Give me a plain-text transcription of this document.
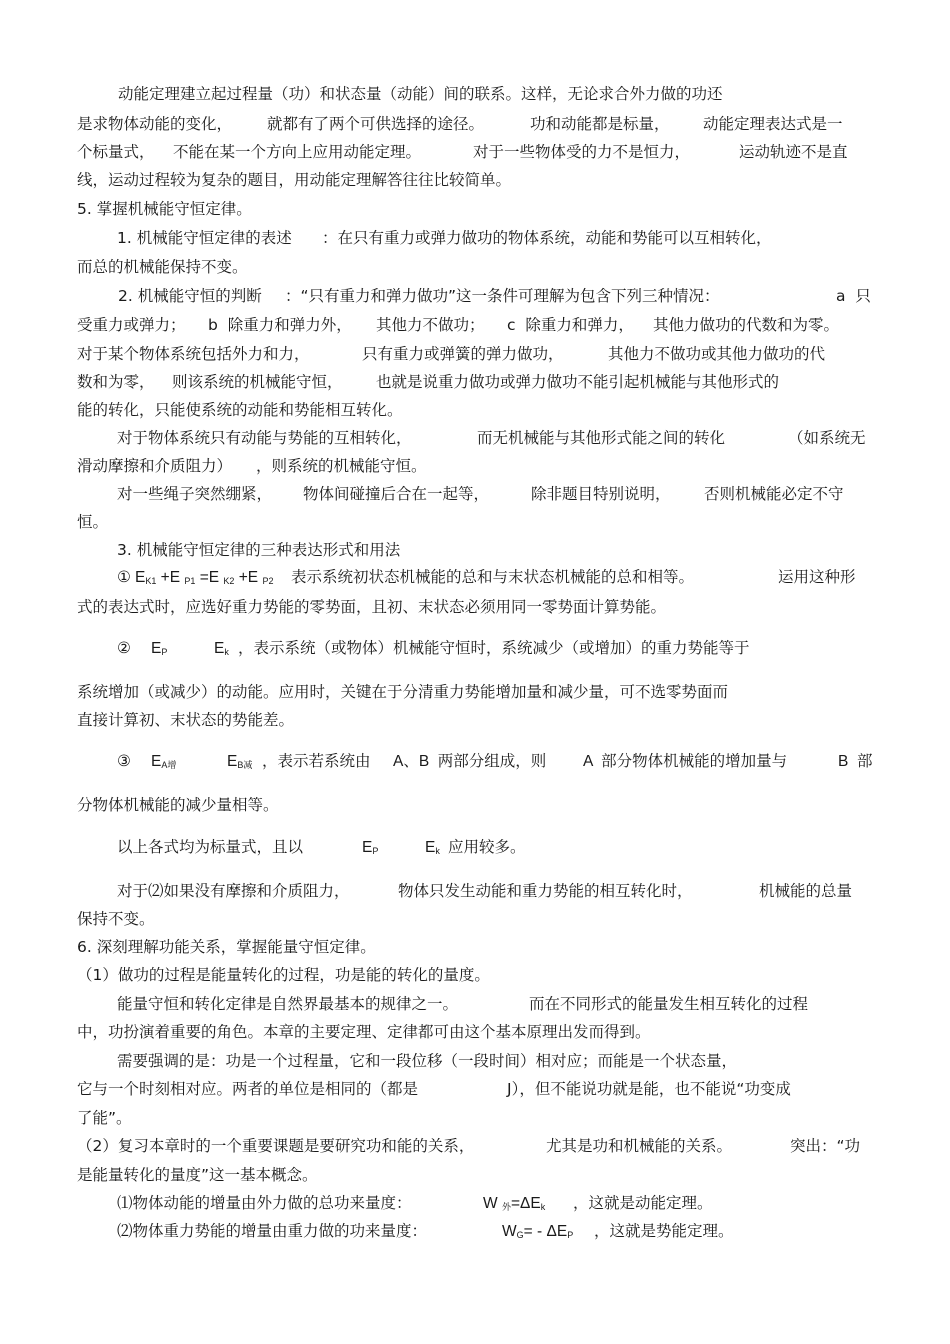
动能定理建立起过程量（功）和状态量（动能）间的联系。这样，无论求合外力做的功还

是求物体动能的变化，

就都有了两个可供选择的途径。

	功和动能都是标量，

动能定理表达式是一

个标量式，

不能在某一个方向上应用动能定理。

	对于一些物体受的力不是恒力，

	运动轨迹不是直

线，运动过程较为复杂的题目，用动能定理解答往往比较简单。

5. 掌握机械能守恒定律。

1. 机械能守恒定律的表述

：在只有重力或弹力做功的物体系统，动能和势能可以互相转化，

而总的机械能保持不变。

2. 机械能守恒的判断

：“只有重力和弹力做功”这一条件可理解为包含下列三种情况：

	a  只

受重力或弹力；

b  除重力和弹力外，

其他力不做功；

c  除重力和弹力，

其他力做功的代数和为零。

对于某个物体系统包括外力和力，

	只有重力或弹簧的弹力做功，

	其他力不做功或其他力做功的代

数和为零，

则该系统的机械能守恒，

也就是说重力做功或弹力做功不能引起机械能与其他形式的

能的转化，只能使系统的动能和势能相互转化。

对于物体系统只有动能与势能的互相转化，

	而无机械能与其他形式能之间的转化

	（如系统无

滑动摩擦和介质阻力）

，则系统的机械能守恒。

对一些绳子突然绷紧，

物体间碰撞后合在一起等，

	除非题目特别说明，

否则机械能必定不守

恒。

3. 机械能守恒定律的三种表达形式和用法

①

$E_{K1} +E$ $_{P1}$ =E $_{K2}$ +E $_{P2}$

表示系统初状态机械能的总和与末状态机械能的总和相等。

	运用这种形

式的表达式时，应选好重力势能的零势面，且初、末状态必须用同一零势面计算势能。

②

$E_P$

	$E_k$

，表示系统（或物体）机械能守恒时，系统减少（或增加）的重力势能等于

系统增加（或减少）的动能。应用时，关键在于分清重力势能增加量和减少量，可不选零势面而

直接计算初、末状态的势能差。

③

$E_{A增}$

	$E_{B减}$

，表示若系统由

A、B  两部分组成，则

A  部分物体机械能的增加量与

	B  部

分物体机械能的减少量相等。

以上各式均为标量式，且以

	$E_P$

	$E_k$

应用较多。

对于⑵如果没有摩擦和介质阻力，

	物体只发生动能和重力势能的相互转化时，

	机械能的总量

保持不变。

6. 深刻理解功能关系，掌握能量守恒定律。

（1）做功的过程是能量转化的过程，功是能的转化的量度。

能量守恒和转化定律是自然界最基本的规律之一。

	而在不同形式的能量发生相互转化的过程

中，功扮演着重要的角色。本章的主要定理、定律都可由这个基本原理出发而得到。

需要强调的是：功是一个过程量，它和一段位移（一段时间）相对应；而能是一个状态量，

它与一个时刻相对应。两者的单位是相同的（都是

	J），但不能说功就是能，也不能说“功变成

了能”。

（2）复习本章时的一个重要课题是要研究功和能的关系，

	尤其是功和机械能的关系。

	突出：“功

是能量转化的量度”这一基本概念。

⑴物体动能的增量由外力做的总功来量度：

	W $_外=\Delta E_k$

，这就是动能定理。

⑵物体重力势能的增量由重力做的功来量度：

	$W_G= - \Delta E_P$

，这就是势能定理。
